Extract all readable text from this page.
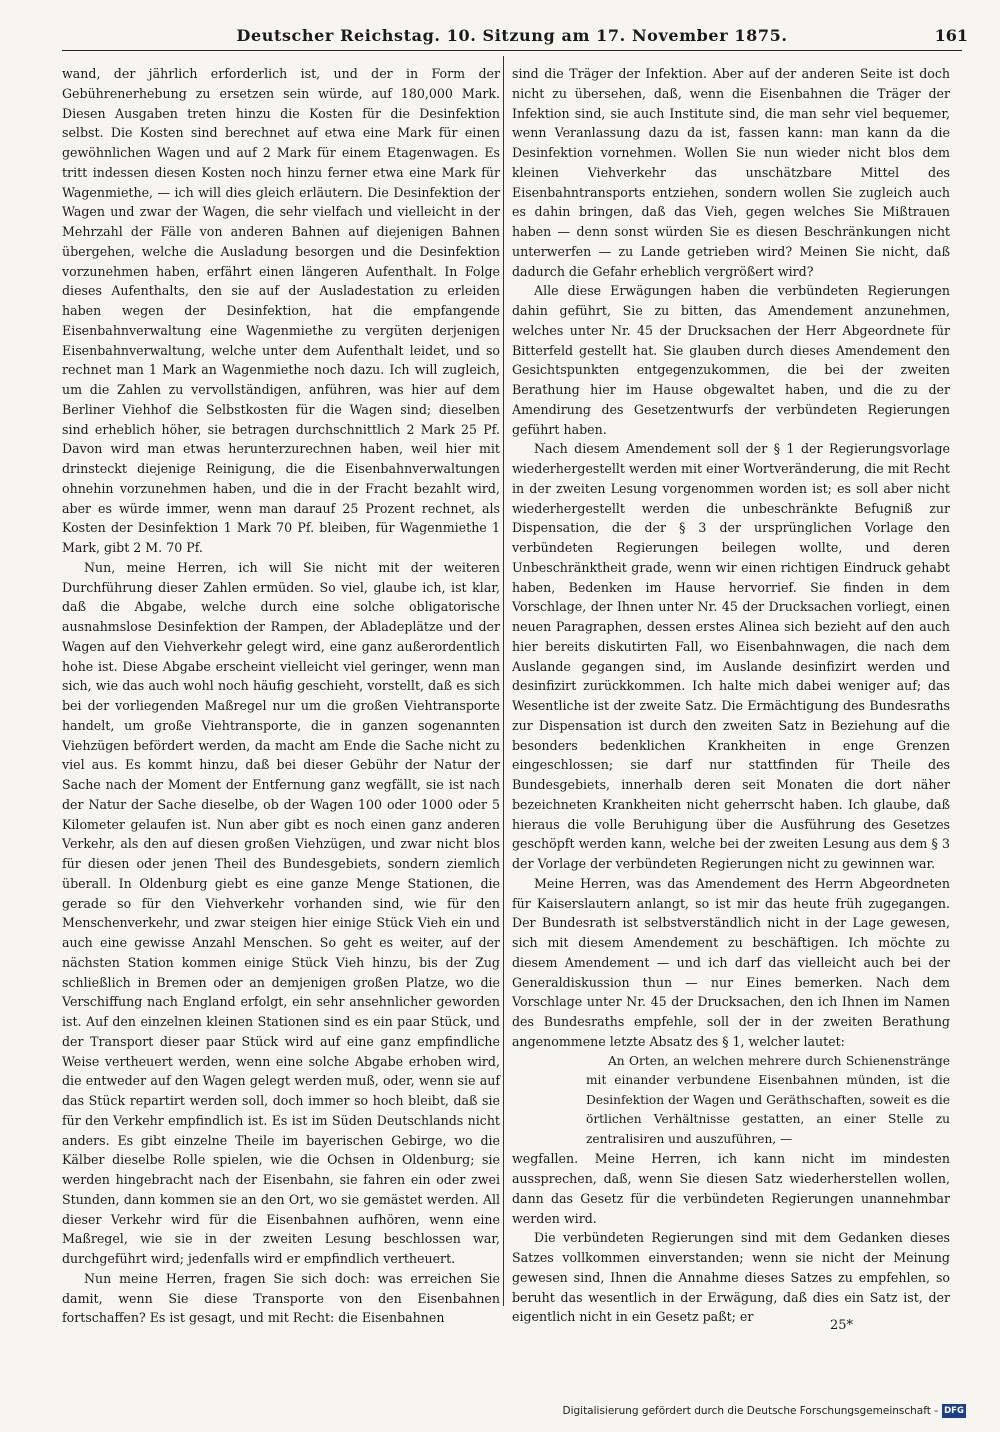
Deutscher Reichstag. 10. Sitzung am 17. November 1875.	161

wand, der jährlich erforderlich ist, und der in Form der Gebührenerhebung zu ersetzen sein würde, auf 180,000 Mark. Diesen Ausgaben treten hinzu die Kosten für die Desinfektion selbst. Die Kosten sind berechnet auf etwa eine Mark für einen gewöhnlichen Wagen und auf 2 Mark für einem Etagenwagen. Es tritt indessen diesen Kosten noch hinzu ferner etwa eine Mark für Wagenmiethe, — ich will dies gleich erläutern. Die Desinfektion der Wagen und zwar der Wagen, die sehr vielfach und vielleicht in der Mehrzahl der Fälle von anderen Bahnen auf diejenigen Bahnen übergehen, welche die Ausladung besorgen und die Desinfektion vorzunehmen haben, erfährt einen längeren Aufenthalt. In Folge dieses Aufenthalts, den sie auf der Ausladestation zu erleiden haben wegen der Desinfektion, hat die empfangende Eisenbahnverwaltung eine Wagenmiethe zu vergüten derjenigen Eisenbahnverwaltung, welche unter dem Aufenthalt leidet, und so rechnet man 1 Mark an Wagenmiethe noch dazu. Ich will zugleich, um die Zahlen zu vervollständigen, anführen, was hier auf dem Berliner Viehhof die Selbstkosten für die Wagen sind; dieselben sind erheblich höher, sie betragen durchschnittlich 2 Mark 25 Pf. Davon wird man etwas herunterzurechnen haben, weil hier mit drinsteckt diejenige Reinigung, die die Eisenbahnverwaltungen ohnehin vorzunehmen haben, und die in der Fracht bezahlt wird, aber es würde immer, wenn man darauf 25 Prozent rechnet, als Kosten der Desinfektion 1 Mark 70 Pf. bleiben, für Wagenmiethe 1 Mark, gibt 2 M. 70 Pf.

Nun, meine Herren, ich will Sie nicht mit der weiteren Durchführung dieser Zahlen ermüden. So viel, glaube ich, ist klar, daß die Abgabe, welche durch eine solche obligatorische ausnahmslose Desinfektion der Rampen, der Abladeplätze und der Wagen auf den Viehverkehr gelegt wird, eine ganz außerordentlich hohe ist. Diese Abgabe erscheint vielleicht viel geringer, wenn man sich, wie das auch wohl noch häufig geschieht, vorstellt, daß es sich bei der vorliegenden Maßregel nur um die großen Viehtransporte handelt, um große Viehtransporte, die in ganzen sogenannten Viehzügen befördert werden, da macht am Ende die Sache nicht zu viel aus. Es kommt hinzu, daß bei dieser Gebühr der Natur der Sache nach der Moment der Entfernung ganz wegfällt, sie ist nach der Natur der Sache dieselbe, ob der Wagen 100 oder 1000 oder 5 Kilometer gelaufen ist. Nun aber gibt es noch einen ganz anderen Verkehr, als den auf diesen großen Viehzügen, und zwar nicht blos für diesen oder jenen Theil des Bundesgebiets, sondern ziemlich überall. In Oldenburg giebt es eine ganze Menge Stationen, die gerade so für den Viehverkehr vorhanden sind, wie für den Menschenverkehr, und zwar steigen hier einige Stück Vieh ein und auch eine gewisse Anzahl Menschen. So geht es weiter, auf der nächsten Station kommen einige Stück Vieh hinzu, bis der Zug schließlich in Bremen oder an demjenigen großen Platze, wo die Verschiffung nach England erfolgt, ein sehr ansehnlicher geworden ist. Auf den einzelnen kleinen Stationen sind es ein paar Stück, und der Transport dieser paar Stück wird auf eine ganz empfindliche Weise vertheuert werden, wenn eine solche Abgabe erhoben wird, die entweder auf den Wagen gelegt werden muß, oder, wenn sie auf das Stück repartirt werden soll, doch immer so hoch bleibt, daß sie für den Verkehr empfindlich ist. Es ist im Süden Deutschlands nicht anders. Es gibt einzelne Theile im bayerischen Gebirge, wo die Kälber dieselbe Rolle spielen, wie die Ochsen in Oldenburg; sie werden hingebracht nach der Eisenbahn, sie fahren ein oder zwei Stunden, dann kommen sie an den Ort, wo sie gemästet werden. All dieser Verkehr wird für die Eisenbahnen aufhören, wenn eine Maßregel, wie sie in der zweiten Lesung beschlossen war, durchgeführt wird; jedenfalls wird er empfindlich vertheuert.

Nun meine Herren, fragen Sie sich doch: was erreichen Sie damit, wenn Sie diese Transporte von den Eisenbahnen fortschaffen? Es ist gesagt, und mit Recht: die Eisenbahnen

sind die Träger der Infektion. Aber auf der anderen Seite ist doch nicht zu übersehen, daß, wenn die Eisenbahnen die Träger der Infektion sind, sie auch Institute sind, die man sehr viel bequemer, wenn Veranlassung dazu da ist, fassen kann: man kann da die Desinfektion vornehmen. Wollen Sie nun wieder nicht blos dem kleinen Viehverkehr das unschätzbare Mittel des Eisenbahntransports entziehen, sondern wollen Sie zugleich auch es dahin bringen, daß das Vieh, gegen welches Sie Mißtrauen haben — denn sonst würden Sie es diesen Beschränkungen nicht unterwerfen — zu Lande getrieben wird? Meinen Sie nicht, daß dadurch die Gefahr erheblich vergrößert wird?

Alle diese Erwägungen haben die verbündeten Regierungen dahin geführt, Sie zu bitten, das Amendement anzunehmen, welches unter Nr. 45 der Drucksachen der Herr Abgeordnete für Bitterfeld gestellt hat. Sie glauben durch dieses Amendement den Gesichtspunkten entgegenzukommen, die bei der zweiten Berathung hier im Hause obgewaltet haben, und die zu der Amendirung des Gesetzentwurfs der verbündeten Regierungen geführt haben.

Nach diesem Amendement soll der § 1 der Regierungsvorlage wiederhergestellt werden mit einer Wortveränderung, die mit Recht in der zweiten Lesung vorgenommen worden ist; es soll aber nicht wiederhergestellt werden die unbeschränkte Befugniß zur Dispensation, die der § 3 der ursprünglichen Vorlage den verbündeten Regierungen beilegen wollte, und deren Unbeschränktheit grade, wenn wir einen richtigen Eindruck gehabt haben, Bedenken im Hause hervorrief. Sie finden in dem Vorschlage, der Ihnen unter Nr. 45 der Drucksachen vorliegt, einen neuen Paragraphen, dessen erstes Alinea sich bezieht auf den auch hier bereits diskutirten Fall, wo Eisenbahnwagen, die nach dem Auslande gegangen sind, im Auslande desinfizirt werden und desinfizirt zurückkommen. Ich halte mich dabei weniger auf; das Wesentliche ist der zweite Satz. Die Ermächtigung des Bundesraths zur Dispensation ist durch den zweiten Satz in Beziehung auf die besonders bedenklichen Krankheiten in enge Grenzen eingeschlossen; sie darf nur stattfinden für Theile des Bundesgebiets, innerhalb deren seit Monaten die dort näher bezeichneten Krankheiten nicht geherrscht haben. Ich glaube, daß hieraus die volle Beruhigung über die Ausführung des Gesetzes geschöpft werden kann, welche bei der zweiten Lesung aus dem § 3 der Vorlage der verbündeten Regierungen nicht zu gewinnen war.

Meine Herren, was das Amendement des Herrn Abgeordneten für Kaiserslautern anlangt, so ist mir das heute früh zugegangen. Der Bundesrath ist selbstverständlich nicht in der Lage gewesen, sich mit diesem Amendement zu beschäftigen. Ich möchte zu diesem Amendement — und ich darf das vielleicht auch bei der Generaldiskussion thun — nur Eines bemerken. Nach dem Vorschlage unter Nr. 45 der Drucksachen, den ich Ihnen im Namen des Bundesraths empfehle, soll der in der zweiten Berathung angenommene letzte Absatz des § 1, welcher lautet:

An Orten, an welchen mehrere durch Schienenstränge mit einander verbundene Eisenbahnen münden, ist die Desinfektion der Wagen und Geräthschaften, soweit es die örtlichen Verhältnisse gestatten, an einer Stelle zu zentralisiren und auszuführen, —

wegfallen. Meine Herren, ich kann nicht im mindesten aussprechen, daß, wenn Sie diesen Satz wiederherstellen wollen, dann das Gesetz für die verbündeten Regierungen unannehmbar werden wird.

Die verbündeten Regierungen sind mit dem Gedanken dieses Satzes vollkommen einverstanden; wenn sie nicht der Meinung gewesen sind, Ihnen die Annahme dieses Satzes zu empfehlen, so beruht das wesentlich in der Erwägung, daß dies ein Satz ist, der eigentlich nicht in ein Gesetz paßt; er

25*
Digitalisierung gefördert durch die Deutsche Forschungsgemeinschaft - DFG
